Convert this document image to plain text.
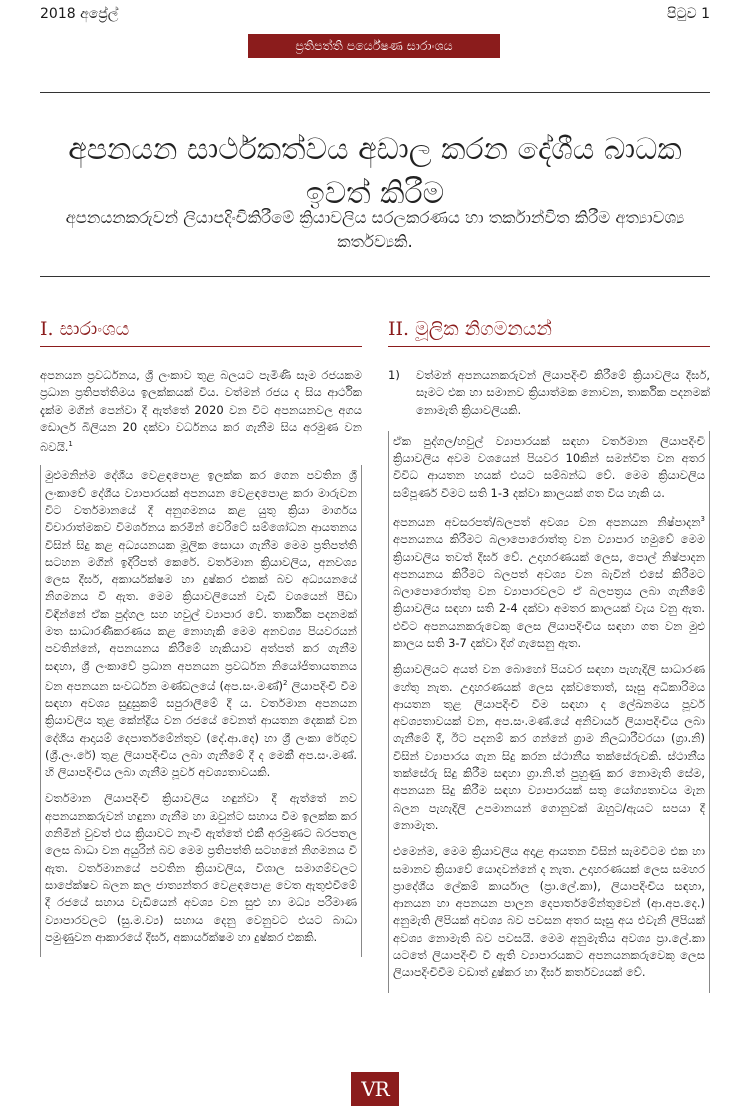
2018 අප්‍රේල්	පිටුව 1
ප්‍රතිපත්ති පර්යේෂණ සාරාංශය
අපනයන සාර්ථකත්වය අඩාල කරන දේශීය බාධක ඉවත් කිරීම
අපනයනකරුවන් ලියාපදිංචිකිරීමේ ක්‍රියාවලිය සරලකරණය හා තර්කාන්විත කිරීම අත්‍යාවශ්‍ය කර්තව්‍යකි.
I. සාරාංශය

අපනයන ප්‍රවර්ධනය, ශ්‍රී ලංකාව තුළ බලයට පැමිණි සෑම රජයකම ප්‍රධාන ප්‍රතිපත්තිමය ඉලක්කයක් විය. වත්මන් රජය ද සිය ආර්ථික දැක්ම මගින් පෙන්වා දී ඇත්තේ 2020 වන විට අපනයනවල අගය ඩොලර් බිලියන 20 දක්වා වර්ධනය කර ගැනීම සිය අරමුණ වන බවයි.$^1$

මුළුමනින්ම දේශීය වෙළඳපොළ ඉලක්ක කර ගෙන පවතින ශ්‍රී ලංකාවේ දේශීය ව්‍යාපාරයක් අපනයන වෙළඳපොළ කරා මාරුවන විට වර්තමානයේ දී අනුගමනය කළ යුතු ක්‍රියා මාර්ගය විචාරාත්මකව විමර්ශනය කරමින් වෙරිටේ සම්ශෝධන ආයතනය විසින් සිදු කළ අධ්‍යයනයක මූලික සොයා ගැනීම මෙම ප්‍රතිපත්ති සටහන මගින් ඉදිරිපත් කෙරේ. වර්තමාන ක්‍රියාවලිය, අනවශ්‍ය ලෙස දීර්ඝ, අකාර්යක්ෂම හා දුෂ්කර එකක් බව අධ්‍යයනයේ නිගමනය වී ඇත. මෙම ක්‍රියාවලියෙන් වැඩි වශයෙන් පීඩා විඳින්නේ ඒක පුද්ගල සහ හවුල් ව්‍යාපාර වේ. තාර්කික පදනමක් මත සාධාරණීකරණය කළ නොහැකි මෙම අනවශ්‍ය පියවරයන් පවතින්නේ, අපනයනය කිරීමේ හැකියාව අත්පත් කර ගැනීම සඳහා, ශ්‍රී ලංකාවේ ප්‍රධාන අපනයන ප්‍රවර්ධන නියෝජිතායතනය වන අපනයන සංවර්ධන මණ්ඩලයේ (අප.සං.මණ්)$^2$ ලියාපදිංචි වීම සඳහා අවශ්‍ය සුදුසුකම් සපුරාලීමේ දී ය. වර්තමාන අපනයන ක්‍රියාවලිය තුළ කේන්ද්‍රීය වන රජයේ වෙනත් ආයතන දෙකක් වන දේශීය ආදායම් දෙපාර්තමේන්තුව (දේ.ආ.දෙ) හා ශ්‍රී ලංකා රේගුව (ශ්‍රී.ලං.රේ) තුළ ලියාපදිංචිය ලබා ගැනීමේ දී ද මෙකී අප.සං.මණ්. හි ලියාපදිංචිය ලබා ගැනීම පූර්ව අවශ්‍යතාවයකි.

වර්තමාන ලියාපදිංචි ක්‍රියාවලිය හඳුන්වා දී ඇත්තේ නව අපනයනකරුවන් හඳුනා ගැනීම හා ඔවුන්ට සහාය වීම ඉලක්ක කර ගනිමින් වුවත් එය ක්‍රියාවට නැංවී ඇත්තේ එකී අරමුණට බරපතල ලෙස බාධා වන අයුරින් බව මෙම ප්‍රතිපත්ති සටහනේ නිගමනය වී ඇත. වර්තමානයේ පවතින ක්‍රියාවලිය, විශාල සමාගම්වලට සාපේක්ෂව බලන කල ජාත්‍යන්තර වෙළඳපොළ වෙත ඇතුළුවීමේ දී රජයේ සහාය වැඩියෙන් අවශ්‍ය වන සුළු හා මධ්‍ය පරිමාණ ව්‍යාපාරවලට (සු.ම.ව්‍ය) සහාය දෙනු වෙනුවට එයට බාධා පමුණුවන ආකාරයේ දීර්ඝ, අකාර්යක්ෂම හා දුෂ්කර එකකි.

II. මූලික නිගමනයන්
1)	වත්මන් අපනයනකරුවන් ලියාපදිංචි කිරීමේ ක්‍රියාවලිය දීර්ඝ, සෑමට එක හා සමානව ක්‍රියාත්මක නොවන, තාර්කික පදනමක් නොමැති ක්‍රියාවලියකි.

ඒක පුද්ගල/හවුල් ව්‍යාපාරයක් සඳහා වර්තමාන ලියාපදිංචි ක්‍රියාවලිය අවම වශයෙන් පියවර 10කින් සමන්විත වන අතර විවිධ ආයතන හයක් එයට සම්බන්ධ වේ. මෙම ක්‍රියාවලිය සම්පූර්ණ වීමට සති 1-3 දක්වා කාලයක් ගත විය හැකි ය.

අපනයන අවසරපත්/බලපත් අවශ්‍ය වන අපනයන නිෂ්පාදන$^3$ අපනයනය කිරීමට බලාපොරොත්තු වන ව්‍යාපාර හමුවේ මෙම ක්‍රියාවලිය තවත් දීර්ඝ වේ. උදාහරණයක් ලෙස, පොල් නිෂ්පාදන අපනයනය කිරීමට බලපත් අවශ්‍ය වන බැවින් එසේ කිරීමට බලාපොරොත්තු වන ව්‍යාපාරවලට ඒ බලපත්‍රය ලබා ගැනීමේ ක්‍රියාවලිය සඳහා සති 2-4 දක්වා අමතර කාලයක් වැය වනු ඇත. එවිට අපනයනකරුවෙකු ලෙස ලියාපදිංචිය සඳහා ගත වන මුළු කාලය සති 3-7 දක්වා දිග් ගැසෙනු ඇත.

ක්‍රියාවලියට අයත් වන බොහෝ පියවර සඳහා පැහැදිලි සාධාරණ හේතු නැත. උදාහරණයක් ලෙස දක්වතොත්, සෑසු අධිකාරිමය ආයතන තුළ ලියාපදිංචි වීම සඳහා ද ලේඛනමය පූර්ව අවශ්‍යතාවයක් වන, අප.සං.මණ්.යේ අනිවාර්ය ලියාපදිංචිය ලබා ගැනීමේ දී, ඊට පදනම් කර ගන්නේ ග්‍රාම නිලධාරීවරයා (ග්‍රා.නි) විසින් ව්‍යාපාරය ගැන සිදු කරන ස්ථානීය තක්සේරුවකි. ස්ථානීය තක්සේරු සිදු කිරීම සඳහා ග්‍රා.නි.ත් පුහුණු කර නොමැති සේම, අපනයන සිදු කිරීම සඳහා ව්‍යාපාරයක් සතු යෝග්‍යතාවය මැන බලන පැහැදිලි උපමානයන් ගොනුවක් ඔහුට/ඇයට සපයා දී නොමැත.

එමෙන්ම, මෙම ක්‍රියාවලිය අදාළ ආයතන විසින් සැමවිටම එක හා සමානව ක්‍රියාවේ යොදවන්නේ ද නැත. උදාහරණයක් ලෙස සමහර ප්‍රාදේශීය ලේකම් කාර්යාල (ප්‍රා.ලේ.කා), ලියාපදිංචිය සඳහා, ආනයන හා අපනයන පාලන දෙපාර්තමේන්තුවෙන් (ආ.අප.දෙ.) අනුමැති ලිපියක් අවශ්‍ය බව පවසන අතර සෑසු අය එවැනි ලිපියක් අවශ්‍ය නොමැති බව පවසයි. මෙම අනුමැතිය අවශ්‍ය ප්‍රා.ලේ.කා යටතේ ලියාපදිංචි වී ඇති ව්‍යාපාරයකට අපනයනකරුවෙකු ලෙස ලියාපදිංචිවීම වඩාත් දුෂ්කර හා දීර්ඝ කර්තව්‍යයක් වේ.

VR
